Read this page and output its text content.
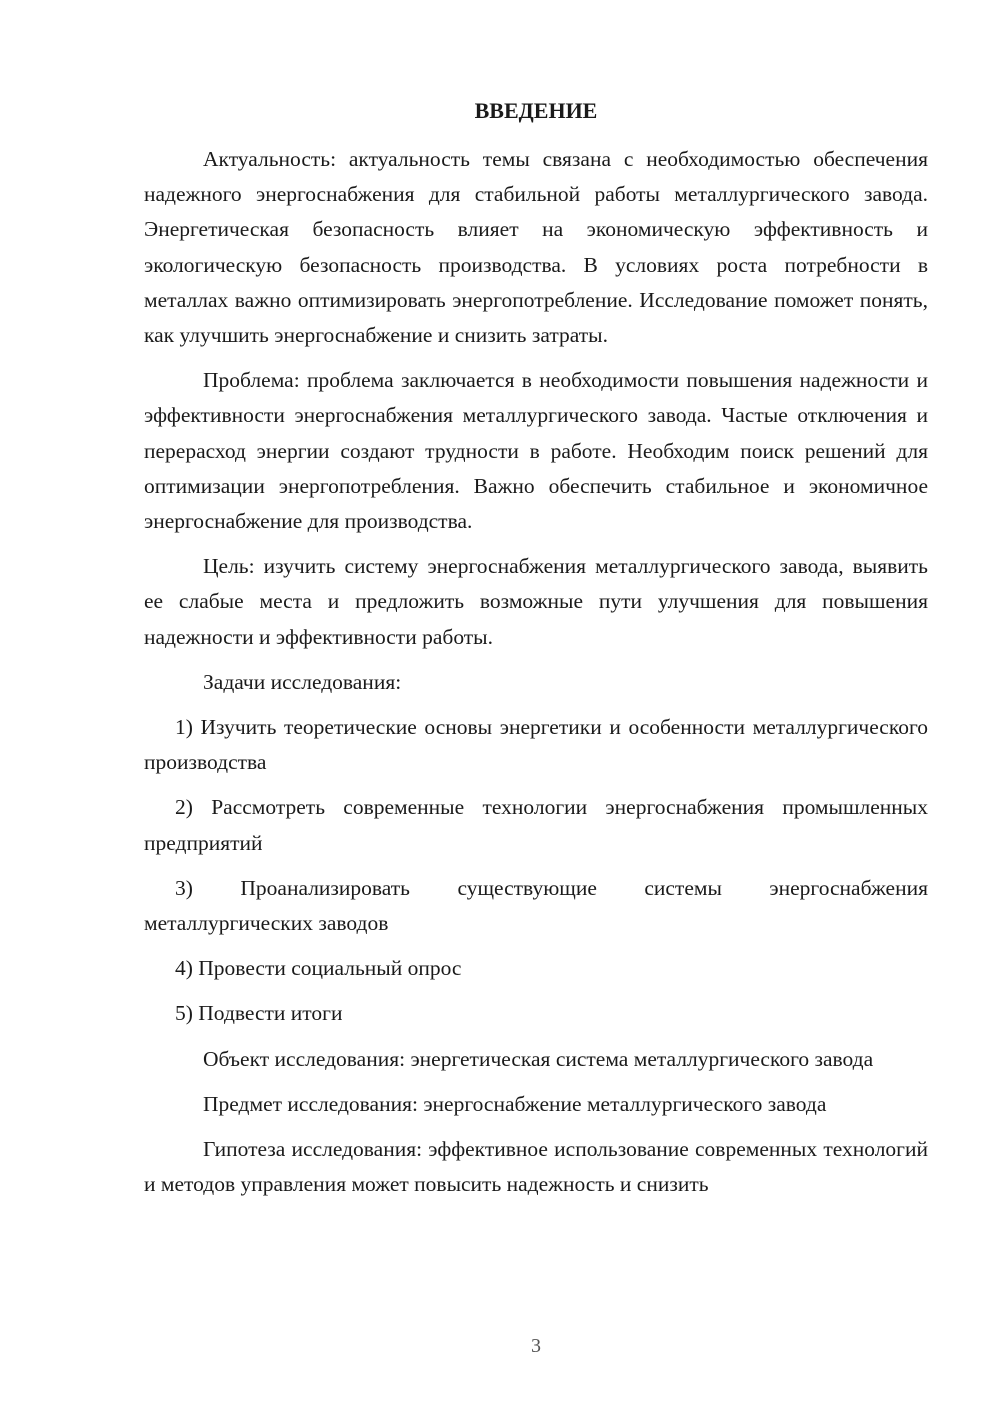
ВВЕДЕНИЕ

Актуальность: актуальность темы связана с необходимостью обеспечения надежного энергоснабжения для стабильной работы металлургического завода. Энергетическая безопасность влияет на экономическую эффективность и экологическую безопасность производства. В условиях роста потребности в металлах важно оптимизировать энергопотребление. Исследование поможет понять, как улучшить энергоснабжение и снизить затраты.

Проблема: проблема заключается в необходимости повышения надежности и эффективности энергоснабжения металлургического завода. Частые отключения и перерасход энергии создают трудности в работе. Необходим поиск решений для оптимизации энергопотребления. Важно обеспечить стабильное и экономичное энергоснабжение для производства.

Цель: изучить систему энергоснабжения металлургического завода, выявить ее слабые места и предложить возможные пути улучшения для повышения надежности и эффективности работы.

Задачи исследования:

1) Изучить теоретические основы энергетики и особенности металлургического производства

2) Рассмотреть современные технологии энергоснабжения промышленных предприятий

3) Проанализировать существующие системы энергоснабжения металлургических заводов

4) Провести социальный опрос

5) Подвести итоги

Объект исследования: энергетическая система металлургического завода

Предмет исследования: энергоснабжение металлургического завода

Гипотеза исследования: эффективное использование современных технологий и методов управления может повысить надежность и снизить

3
